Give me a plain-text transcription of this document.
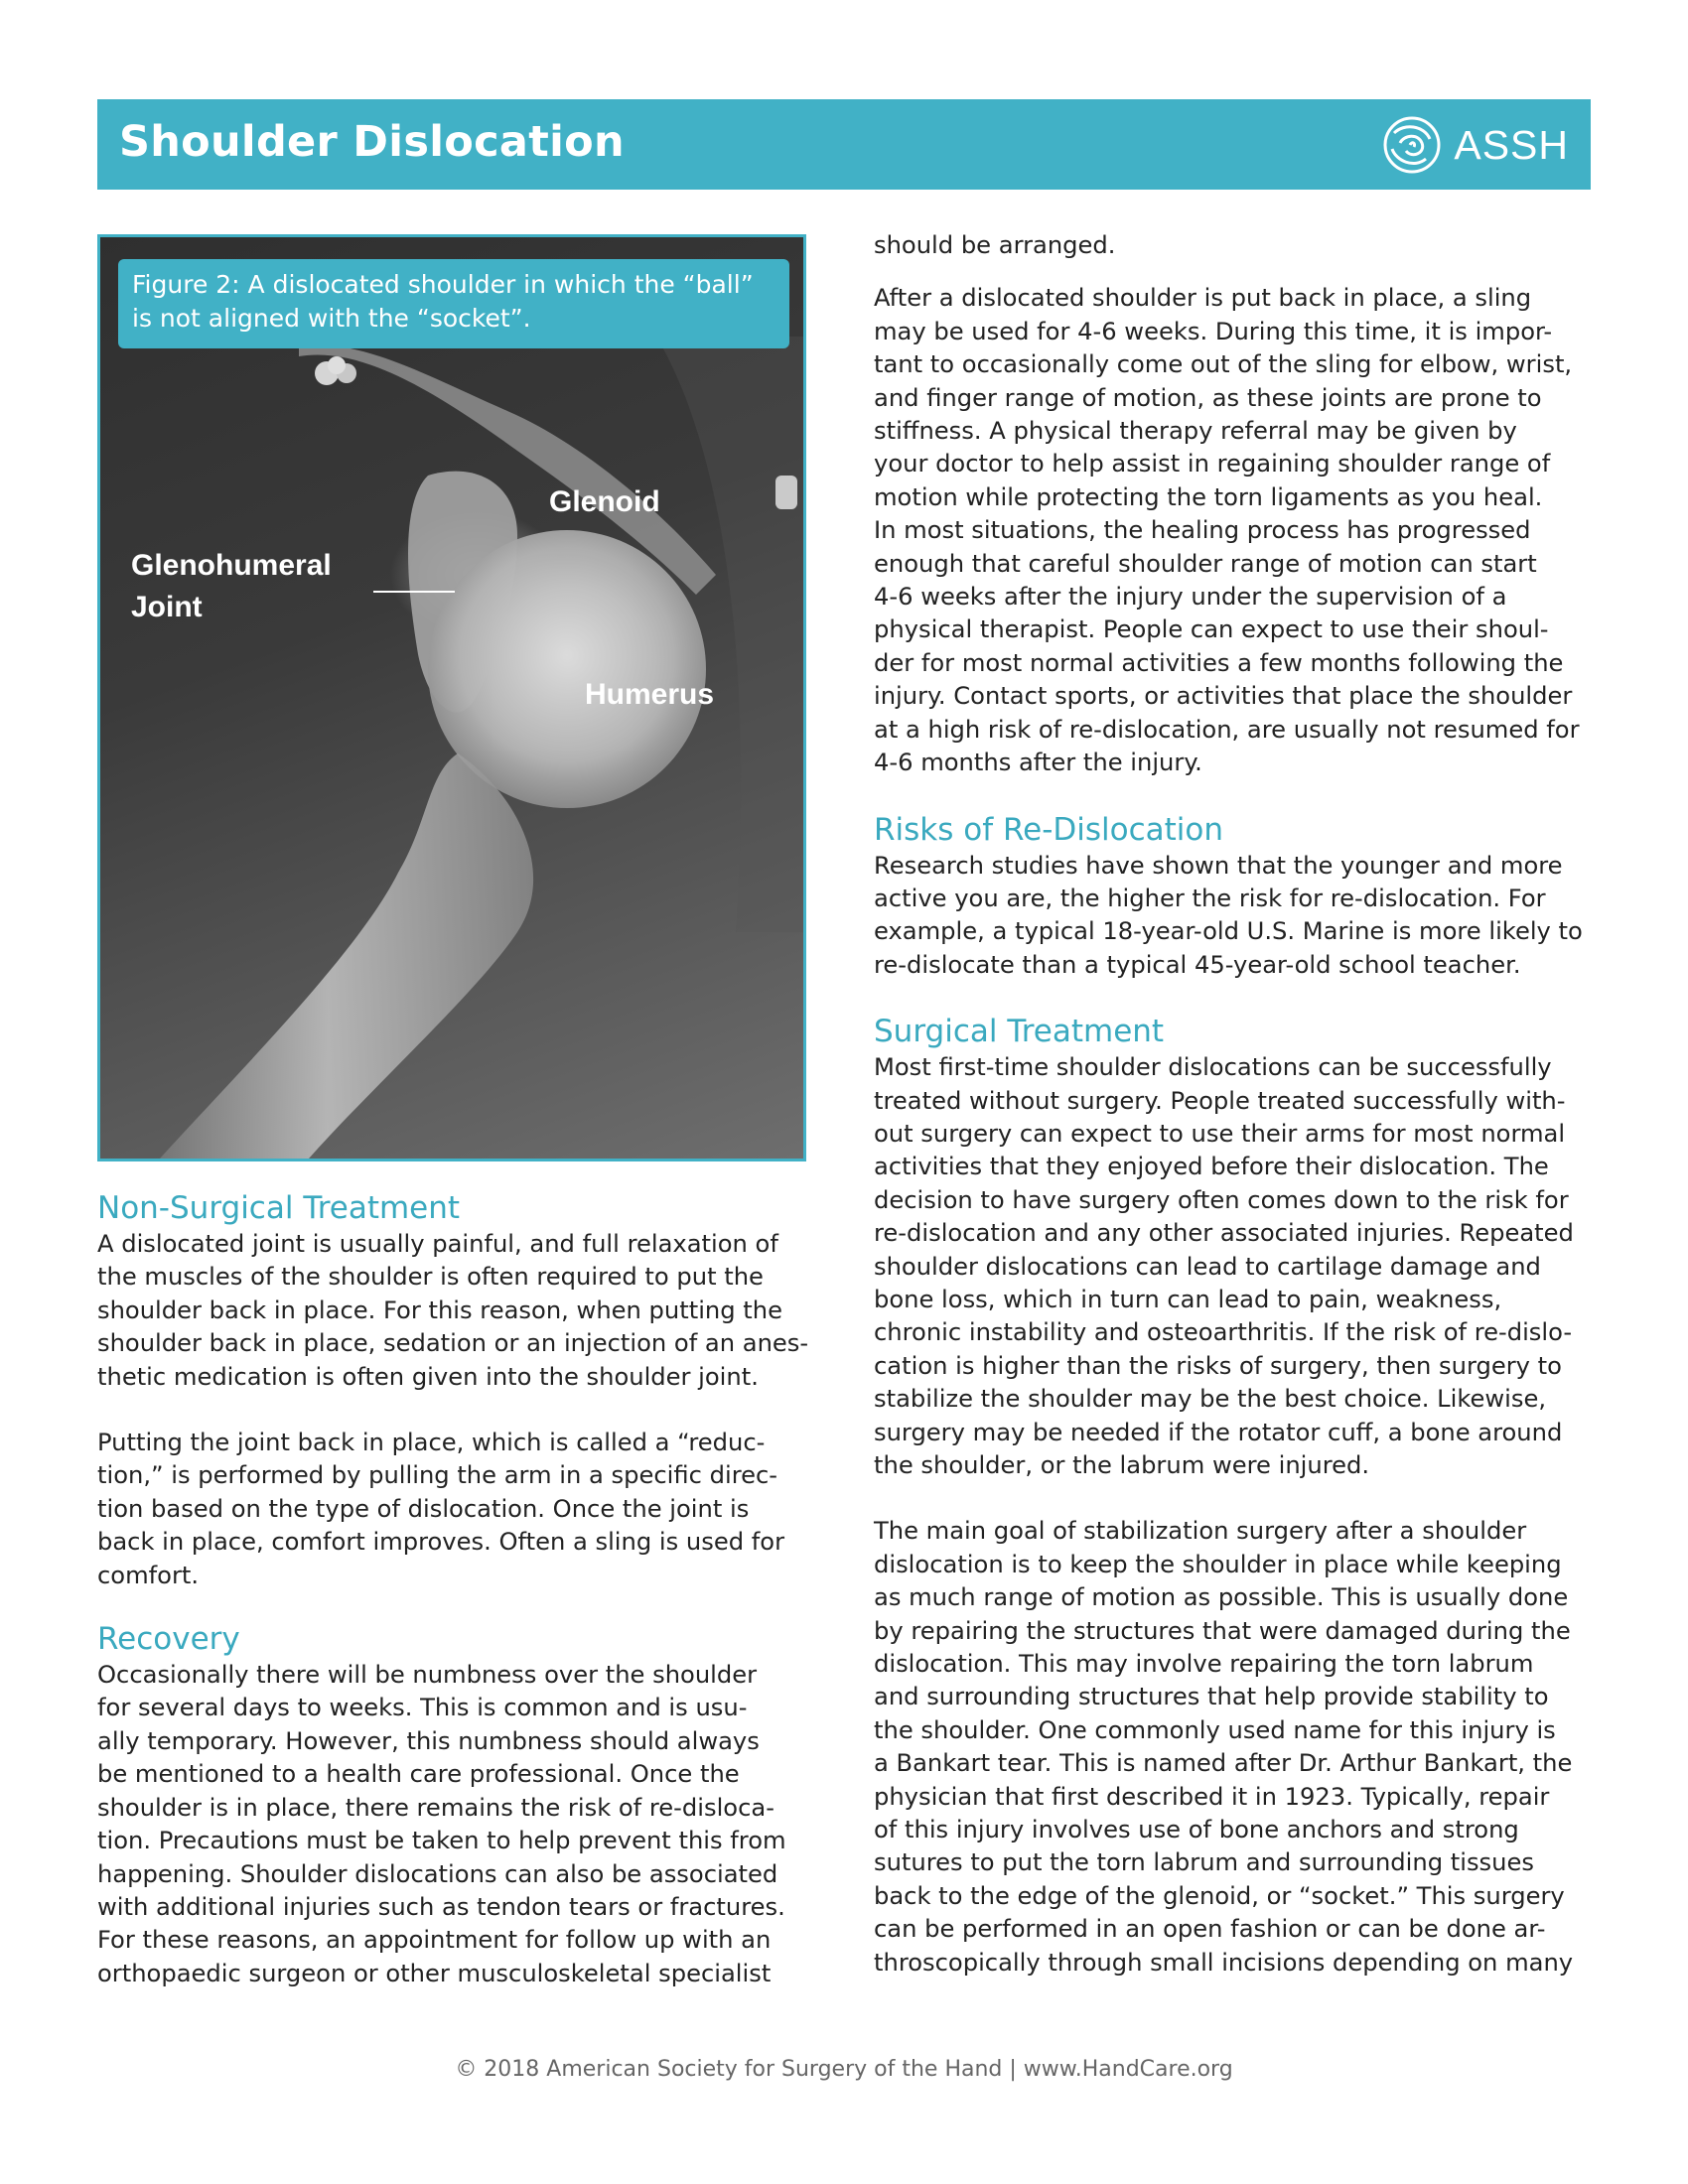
Shoulder Dislocation	ASSH
Figure 2: A dislocated shoulder in which the “ball” is not aligned with the “socket”.
Glenoid
Glenohumeral
Joint
Humerus
Non-Surgical Treatment

A dislocated joint is usually painful, and full relaxation of
the muscles of the shoulder is often required to put the
shoulder back in place. For this reason, when putting the
shoulder back in place, sedation or an injection of an anes-
thetic medication is often given into the shoulder joint.

Putting the joint back in place, which is called a “reduc-
tion,” is performed by pulling the arm in a specific direc-
tion based on the type of dislocation. Once the joint is
back in place, comfort improves. Often a sling is used for
comfort.

Recovery

Occasionally there will be numbness over the shoulder
for several days to weeks. This is common and is usu-
ally temporary. However, this numbness should always
be mentioned to a health care professional. Once the
shoulder is in place, there remains the risk of re-disloca-
tion. Precautions must be taken to help prevent this from
happening. Shoulder dislocations can also be associated
with additional injuries such as tendon tears or fractures.
For these reasons, an appointment for follow up with an
orthopaedic surgeon or other musculoskeletal specialist

should be arranged.

After a dislocated shoulder is put back in place, a sling
may be used for 4-6 weeks. During this time, it is impor-
tant to occasionally come out of the sling for elbow, wrist,
and finger range of motion, as these joints are prone to
stiffness. A physical therapy referral may be given by
your doctor to help assist in regaining shoulder range of
motion while protecting the torn ligaments as you heal.
In most situations, the healing process has progressed
enough that careful shoulder range of motion can start
4-6 weeks after the injury under the supervision of a
physical therapist. People can expect to use their shoul-
der for most normal activities a few months following the
injury. Contact sports, or activities that place the shoulder
at a high risk of re-dislocation, are usually not resumed for
4-6 months after the injury.

Risks of Re-Dislocation

Research studies have shown that the younger and more
active you are, the higher the risk for re-dislocation. For
example, a typical 18-year-old U.S. Marine is more likely to
re-dislocate than a typical 45-year-old school teacher.

Surgical Treatment

Most first-time shoulder dislocations can be successfully
treated without surgery. People treated successfully with-
out surgery can expect to use their arms for most normal
activities that they enjoyed before their dislocation. The
decision to have surgery often comes down to the risk for
re-dislocation and any other associated injuries. Repeated
shoulder dislocations can lead to cartilage damage and
bone loss, which in turn can lead to pain, weakness,
chronic instability and osteoarthritis. If the risk of re-dislo-
cation is higher than the risks of surgery, then surgery to
stabilize the shoulder may be the best choice. Likewise,
surgery may be needed if the rotator cuff, a bone around
the shoulder, or the labrum were injured.

The main goal of stabilization surgery after a shoulder
dislocation is to keep the shoulder in place while keeping
as much range of motion as possible. This is usually done
by repairing the structures that were damaged during the
dislocation. This may involve repairing the torn labrum
and surrounding structures that help provide stability to
the shoulder. One commonly used name for this injury is
a Bankart tear. This is named after Dr. Arthur Bankart, the
physician that first described it in 1923. Typically, repair
of this injury involves use of bone anchors and strong
sutures to put the torn labrum and surrounding tissues
back to the edge of the glenoid, or “socket.” This surgery
can be performed in an open fashion or can be done ar-
throscopically through small incisions depending on many

© 2018 American Society for Surgery of the Hand | www.HandCare.org
